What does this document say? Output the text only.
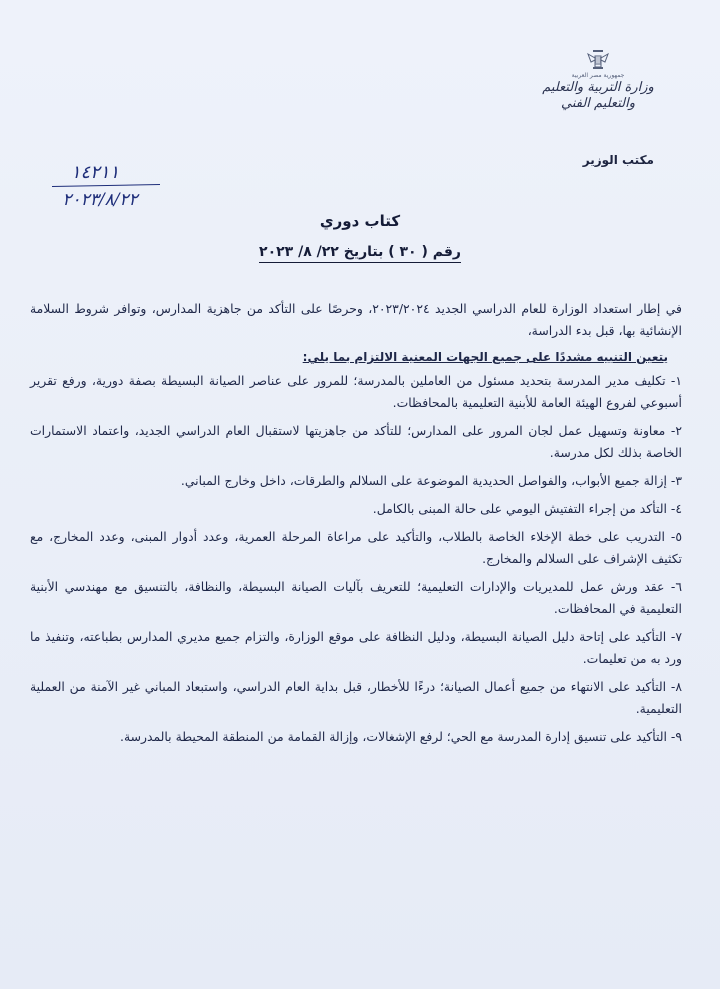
جمهورية مصر العربية
وزارة التربية والتعليم والتعليم الفني
مكتب الوزير
١٤٢١١
٢٠٢٣/٨/٢٢
كتاب دوري
رقم ( ٣٠ ) بتاريخ ٢٢/ ٨/ ٢٠٢٣

في إطار استعداد الوزارة للعام الدراسي الجديد ٢٠٢٣/٢٠٢٤، وحرصًا على التأكد من جاهزية المدارس، وتوافر شروط السلامة الإنشائية بها، قبل بدء الدراسة،

يتعين التنبيه مشددًا على جميع الجهات المعنية الالتزام بما يلي:

١- تكليف مدير المدرسة بتحديد مسئول من العاملين بالمدرسة؛ للمرور على عناصر الصيانة البسيطة بصفة دورية، ورفع تقرير أسبوعي لفروع الهيئة العامة للأبنية التعليمية بالمحافظات.

٢- معاونة وتسهيل عمل لجان المرور على المدارس؛ للتأكد من جاهزيتها لاستقبال العام الدراسي الجديد، واعتماد الاستمارات الخاصة بذلك لكل مدرسة.

٣- إزالة جميع الأبواب، والفواصل الحديدية الموضوعة على السلالم والطرقات، داخل وخارج المباني.

٤- التأكد من إجراء التفتيش اليومي على حالة المبنى بالكامل.

٥- التدريب على خطة الإخلاء الخاصة بالطلاب، والتأكيد على مراعاة المرحلة العمرية، وعدد أدوار المبنى، وعدد المخارج، مع تكثيف الإشراف على السلالم والمخارج.

٦- عقد ورش عمل للمديريات والإدارات التعليمية؛ للتعريف بآليات الصيانة البسيطة، والنظافة، بالتنسيق مع مهندسي الأبنية التعليمية في المحافظات.

٧- التأكيد على إتاحة دليل الصيانة البسيطة، ودليل النظافة على موقع الوزارة، والتزام جميع مديري المدارس بطباعته، وتنفيذ ما ورد به من تعليمات.

٨- التأكيد على الانتهاء من جميع أعمال الصيانة؛ درءًا للأخطار، قبل بداية العام الدراسي، واستبعاد المباني غير الآمنة من العملية التعليمية.

٩- التأكيد على تنسيق إدارة المدرسة مع الحي؛ لرفع الإشغالات، وإزالة القمامة من المنطقة المحيطة بالمدرسة.
